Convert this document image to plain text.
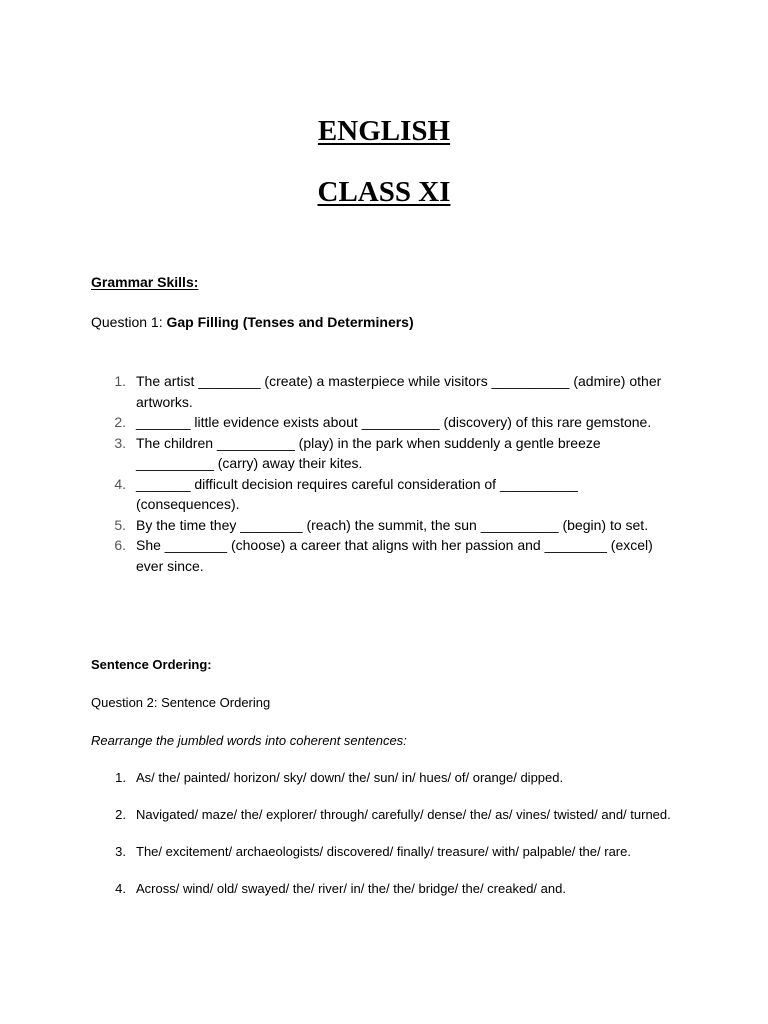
ENGLISH
CLASS XI

Grammar Skills:

Question 1: Gap Filling (Tenses and Determiners)

1. The artist ________ (create) a masterpiece while visitors __________ (admire) other artworks.
2. _______ little evidence exists about __________ (discovery) of this rare gemstone.
3. The children __________ (play) in the park when suddenly a gentle breeze __________ (carry) away their kites.
4. _______ difficult decision requires careful consideration of __________ (consequences).
5. By the time they ________ (reach) the summit, the sun __________ (begin) to set.
6. She ________ (choose) a career that aligns with her passion and ________ (excel) ever since.

Sentence Ordering:

Question 2: Sentence Ordering

Rearrange the jumbled words into coherent sentences:

1. As/ the/ painted/ horizon/ sky/ down/ the/ sun/ in/ hues/ of/ orange/ dipped.
2. Navigated/ maze/ the/ explorer/ through/ carefully/ dense/ the/ as/ vines/ twisted/ and/ turned.
3. The/ excitement/ archaeologists/ discovered/ finally/ treasure/ with/ palpable/ the/ rare.
4. Across/ wind/ old/ swayed/ the/ river/ in/ the/ the/ bridge/ the/ creaked/ and.
